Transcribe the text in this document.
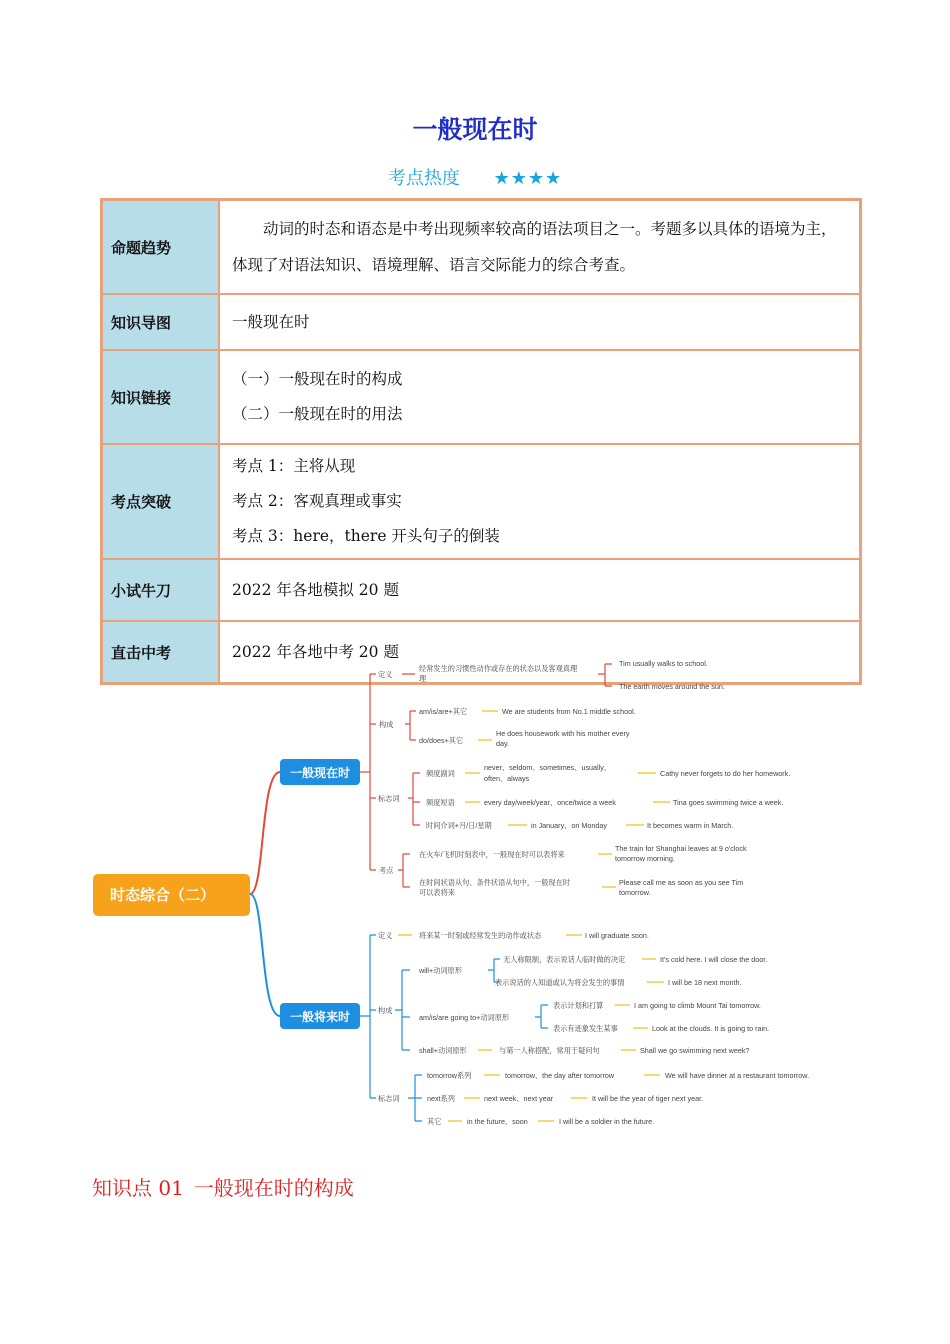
一般现在时
考点热度 ★★★★
命题趋势	动词的时态和语态是中考出现频率较高的语法项目之一。考题多以具体的语境为主，体现了对语法知识、语境理解、语言交际能力的综合考查。

知识导图	一般现在时

知识链接	（一）一般现在时的构成
（二）一般现在时的用法

考点突破	考点 1：主将从现
考点 2：客观真理或事实
考点 3：here，there 开头句子的倒装

小试牛刀	2022 年各地模拟 20 题

直击中考	2022 年各地中考 20 题
时态综合（二）
一般现在时
一般将来时
定义
经常发生的习惯性动作或存在的状态以及客观真理
理
Tim usually walks to school.
The earth moves around the sun.
构成
am/is/are+其它	We are students from No.1 middle school.
do/does+其它
He does housework with his mother every
day.
标志词
频度副词
never、seldom、sometimes、usually、
often、always
Cathy never forgets to do her homework.
频度短语	every day/week/year、once/twice a week	Tina goes swimming twice a week.
时间介词+月/日/星期	in January、on Monday	It becomes warm in March.
考点
在火车/飞机时刻表中，一般现在时可以表将来
The train for Shanghai leaves at 9 o'clock
tomorrow morning.
在时间状语从句、条件状语从句中，一般现在时
可以表将来
Please call me as soon as you see Tim
tomorrow.
定义	将来某一时刻或经常发生的动作或状态	I will graduate soon.
构成
will+动词原形
无人称限制，表示说话人临时做的决定	It's cold here. I will close the door.
表示说话的人知道或认为将会发生的事情	I will be 18 next month.
am/is/are going to+动词原形
表示计划和打算	I am going to climb Mount Tai tomorrow.
表示有迹象发生某事	Look at the clouds. It is going to rain.
shall+动词原形	与第一人称搭配，常用于疑问句	Shall we go swimming next week?
标志词
tomorrow系列	tomorrow、the day after tomorrow	We will have dinner at a restaurant tomorrow.
next系列	next week、next year	It will be the year of tiger next year.
其它	in the future、soon	I will be a soldier in the future.
知识点 01 一般现在时的构成
